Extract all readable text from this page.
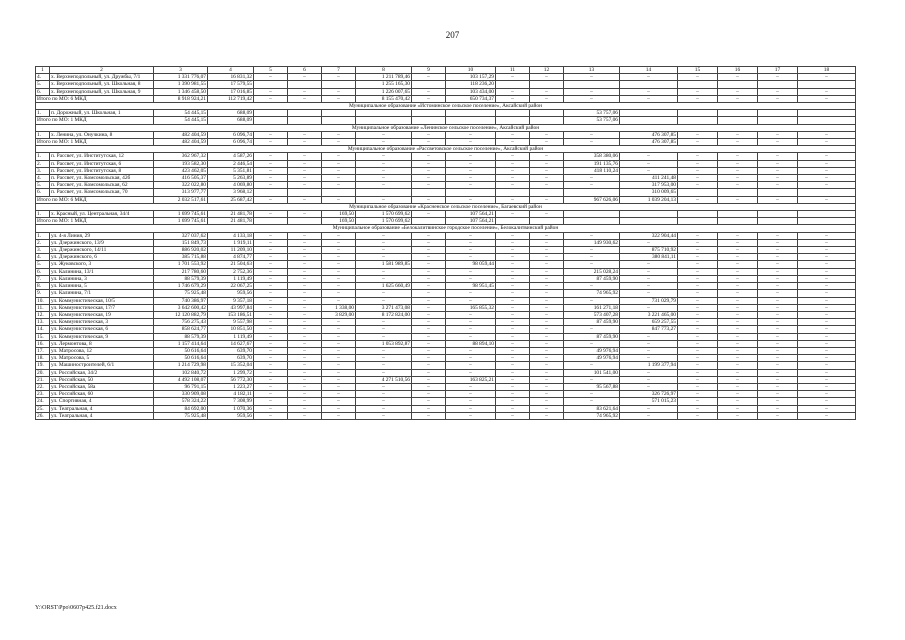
207
1	2	3	4	5	6	7	8	9	10	11	12	13	14	15	16	17	18
4.	х. Верхнеподпольный, ул. Дружбы, 7/1	1 331 776,07	16 831,32	–	–	–	1 211 789,46	–	103 157,29	–	–	–	–	–	–	–	–
5.	х. Верхнеподпольный, ул. Школьная, 8	1 390 981,55	17 579,55				1 255 165,30		118 236,20								
6.	х. Верхнеподпольный, ул. Школьная, 9	1 346 458,50	17 016,85	–	–	–	1 226 007,65	–	103 434,00	–	–	–	–	–	–	–	–
Итого по МО: 6 МКД		8 918 924,21	112 719,42	–	–	–	8 155 470,42	–	650 734,37	–	–	–	–	–	–	–	–
Муниципальное образование «Истоминское сельское поселение», Аксайский район																	
1.	п. Дорожный, ул. Школьная, 1	54 445,15	688,09									53 757,06					
Итого по МО: 1 МКД		54 445,15	688,09									53 757,06					
Муниципальное образование «Ленинское сельское поселение», Аксайский район																	
1.	х. Ленина, ул. Онучкина, 8	482 404,59	6 096,74	–	–	–	–	–	–	–	–	–	476 307,85	–	–	–	–
Итого по МО: 1 МКД		482 404,59	6 096,74	–	–	–	–	–	–	–	–	–	476 307,85	–	–	–	–
Муниципальное образование «Рассветовское сельское поселение», Аксайский район																	
1.	п. Рассвет, ул. Институтская, 12	362 967,32	4 587,26	–	–	–	–	–	–	–	–	358 380,06	–	–	–	–	–
2.	п. Рассвет, ул. Институтская, 6	193 582,30	2 446,54	–	–	–	–	–	–	–	–	191 135,76	–	–	–	–	–
3.	п. Рассвет, ул. Институтская, 8	423 462,05	5 351,81	–	–	–	–	–	–	–	–	418 110,24	–	–	–	–	–
4.	п. Рассвет, ул. Комсомольская, 42б	416 505,37	5 263,89	–	–	–	–	–	–	–	–	–	411 241,48	–	–	–	–
5.	п. Рассвет, ул. Комсомольская, 62	322 022,80	4 069,80	–	–	–	–	–	–	–	–	–	317 953,00	–	–	–	–
6.	п. Рассвет, ул. Комсомольская, 70	313 977,77	3 968,12										310 009,65				
Итого по МО: 6 МКД		2 032 517,61	25 687,42	–	–	–	–	–	–	–	–	967 626,06	1 039 204,13	–	–	–	–
Муниципальное образование «Красненское сельское поселение», Багаевский район																	
1.	х. Красный, ул. Центральная, 34/4	1 699 745,61	21 481,78	–	–	169,50	1 570 699,62	–	107 564,21	–	–						
Итого по МО: 1 МКД		1 699 745,61	21 481,78			169,50	1 570 699,62		107 564,21								
Муниципальное образование «Белокалитвинское городское поселение», Белокалитвинский район																	
1.	ул. 4-я Линия, 29	327 037,62	4 133,18	–	–	–	–	–	–	–	–	–	322 904,44	–	–	–	–
2.	ул. Дзержинского, 13/9	151 849,73	1 919,11	–	–	–	–	–	–	–	–	149 930,62	–	–	–	–	–
3.	ул. Дзержинского, 14/11	886 920,02	11 209,10	–	–	–	–	–	–	–	–	–	875 710,92	–	–	–	–
4.	ул. Дзержинского, 6	385 715,88	4 874,77	–	–	–	–	–	–	–	–	–	380 841,11	–	–	–	–
5.	ул. Жуковского, 3	1 701 553,92	21 504,63	–	–	–	1 581 989,85	–	98 059,44	–	–	–	–	–	–	–	–
6.	ул. Калинина, 13/1	217 780,60	2 752,36	–	–	–	–	–	–	–	–	215 028,24	–	–	–	–	–
7.	ул. Калинина, 3	88 579,39	1 119,49	–	–	–	–	–	–	–	–	87 459,90	–	–	–	–	–
8.	ул. Калинина, 5	1 746 679,29	22 067,25	–	–	–	1 625 660,49	–	98 951,45	–	–	–	–	–	–	–	–
9.	ул. Калинина, 7/1	75 925,48	959,56	–	–	–	–	–	–	–	–	74 965,92	–	–	–	–	–
10.	ул. Коммунистическая, 10/5	740 386,97	9 357,18	–	–	–	–	–	–	–	–	–	731 029,79	–	–	–	–
11.	ул. Коммунистическая, 17/7	3 642 600,42	43 997,84	–	–	1 338,00	3 271 473,08	–	165 855,32	–	–	161 271,18	–	–	–	–	–
12.	ул. Коммунистическая, 19	12 120 882,79	153 186,51	–	–	3 829,00	8 172 824,00	–	–	–	–	573 407,28	3 221 465,00	–	–	–	–
13.	ул. Коммунистическая, 3	756 275,43	9 557,98	–	–	–	–	–	–	–	–	87 459,90	659 257,55	–	–	–	–
14.	ул. Коммунистическая, 6	858 624,77	10 851,50	–	–	–	–	–	–	–	–	–	847 773,27	–	–	–	–
15.	ул. Коммунистическая, 9	88 579,39	1 119,49	–	–	–	–	–	–	–	–	87 459,90	–	–	–	–	–
16.	ул. Лермонтова, 8	1 157 414,64	14 627,67	–	–	–	1 053 892,87	–	88 894,10	–	–	–	–	–	–	–	–
17.	ул. Матросова, 12	50 616,64	639,70	–	–	–	–	–	–	–	–	49 976,94	–	–	–	–	–
18.	ул. Матросова, 5	50 616,64	639,70	–	–	–	–	–	–	–	–	49 976,94	–	–	–	–	–
19.	ул. Машиностроителей, 6/1	1 214 729,98	15 352,04	–	–	–	–	–	–	–	–	–	1 199 377,94	–	–	–	–
20.	ул. Российская, 34/2	102 840,72	1 299,72	–	–	–	–	–	–	–	–	101 541,00	–	–	–	–	–
21.	ул. Российская, 50	4 492 108,07	56 772,30	–	–	–	4 271 510,56	–	163 825,21	–	–	–	–	–	–	–	–
22.	ул. Российская, 58а	96 791,15	1 223,27	–	–	–	–	–	–	–	–	95 567,88	–	–	–	–	–
23.	ул. Российская, 60	330 909,08	4 182,11	–	–	–	–	–	–	–	–	–	326 726,97	–	–	–	–
24.	ул. Спортивная, 4	578 324,22	7 308,99	–	–	–	–	–	–	–	–	–	571 015,23	–	–	–	–
25.	ул. Театральная, 4	84 692,00	1 070,36	–	–	–	–	–	–	–	–	83 621,64	–	–	–	–	–
26.	ул. Театральная, 4	75 925,48	959,56	–	–	–	–	–	–	–	–	74 965,92	–	–	–	–	–
Y:\ORST\Ppo\0607p425.f21.docx
